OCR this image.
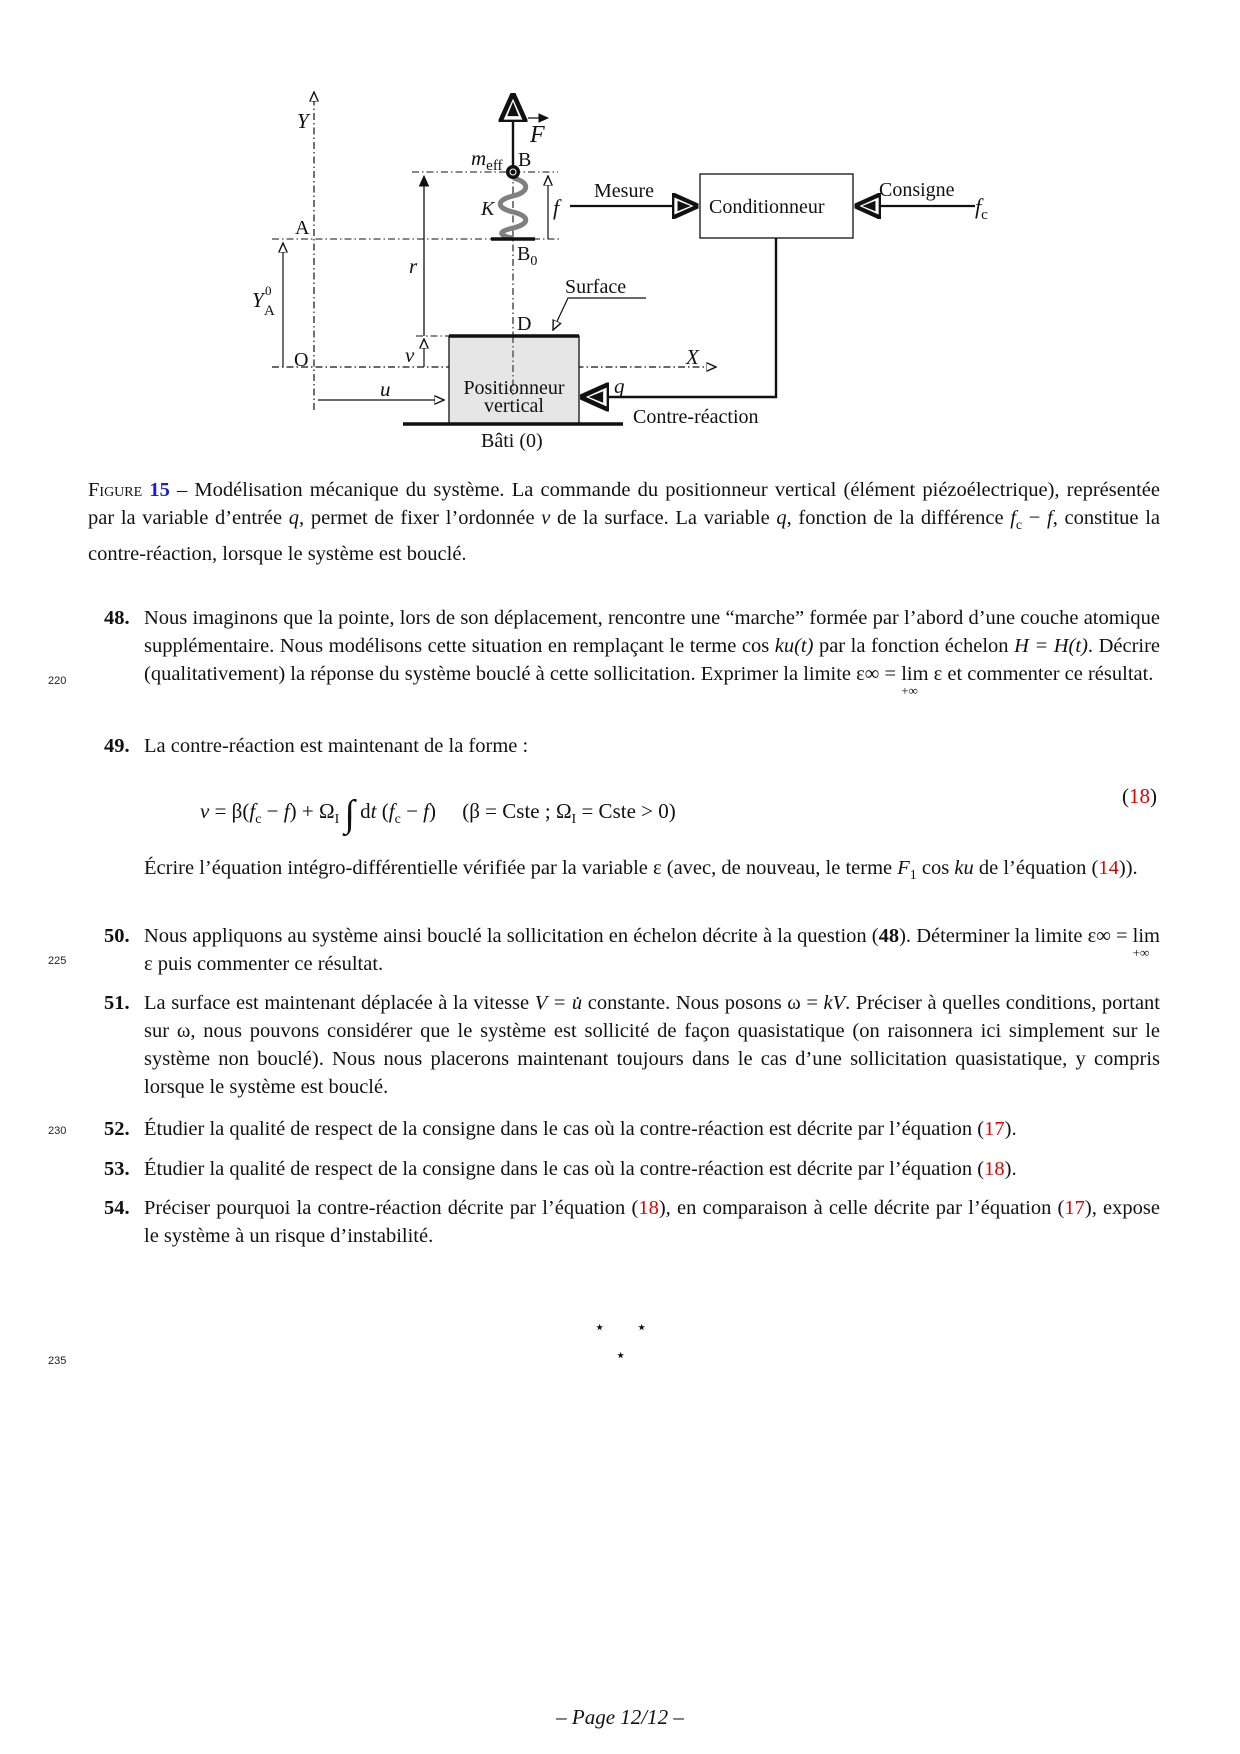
Y
A
O	X
F
$m_{eff}$ B
K	f
$B_0$
r
D
v
u	q
Y 0
A
Mesure
Conditionneur
Consigne
$f_c$
Surface
Positionneur
vertical	Contre-réaction
Bâti (0)
Figure 15 – Modélisation mécanique du système. La commande du positionneur vertical (élément piézoélectrique), représentée par la variable d’entrée q, permet de fixer l’ordonnée v de la surface. La variable q, fonction de la différence $f_c - f$, constitue la contre-réaction, lorsque le système est bouclé.
48. Nous imaginons que la pointe, lors de son déplacement, rencontre une “marche” formée par l’abord d’une couche atomique supplémentaire. Nous modélisons cette situation en remplaçant le terme cos ku(t) par la fonction échelon H = H(t). Décrire (qualitativement) la réponse du système bouclé à cette sollicitation. Exprimer la limite ε∞ = lim
+∞
ε et commenter ce résultat.
220
49. La contre-réaction est maintenant de la forme :
$v = \beta(f_c - f) + \Omega_I$ ∫ dt $(f_c - f) (\beta$ = Cste ; $\Omega_I$ = Cste > 0)
(18)
Écrire l’équation intégro-différentielle vérifiée par la variable ε (avec, de nouveau, le terme $F_1$ cos ku de l’équation (14)).
50. Nous appliquons au système ainsi bouclé la sollicitation en échelon décrite à la question (48). Déterminer la limite ε∞ = lim
+∞
ε puis commenter ce résultat.
225
51. La surface est maintenant déplacée à la vitesse V = u̇ constante. Nous posons ω = kV. Préciser à quelles conditions, portant sur ω, nous pouvons considérer que le système est sollicité de façon quasistatique (on raisonnera ici simplement sur le système non bouclé). Nous nous placerons maintenant toujours dans le cas d’une sollicitation quasistatique, y compris lorsque le système est bouclé.
52. Étudier la qualité de respect de la consigne dans le cas où la contre-réaction est décrite par l’équation (17).
230
53. Étudier la qualité de respect de la consigne dans le cas où la contre-réaction est décrite par l’équation (18).
54. Préciser pourquoi la contre-réaction décrite par l’équation (18), en comparaison à celle décrite par l’équation (17), expose le système à un risque d’instabilité.
⋆ ⋆
⋆
235
– Page 12/12 –
